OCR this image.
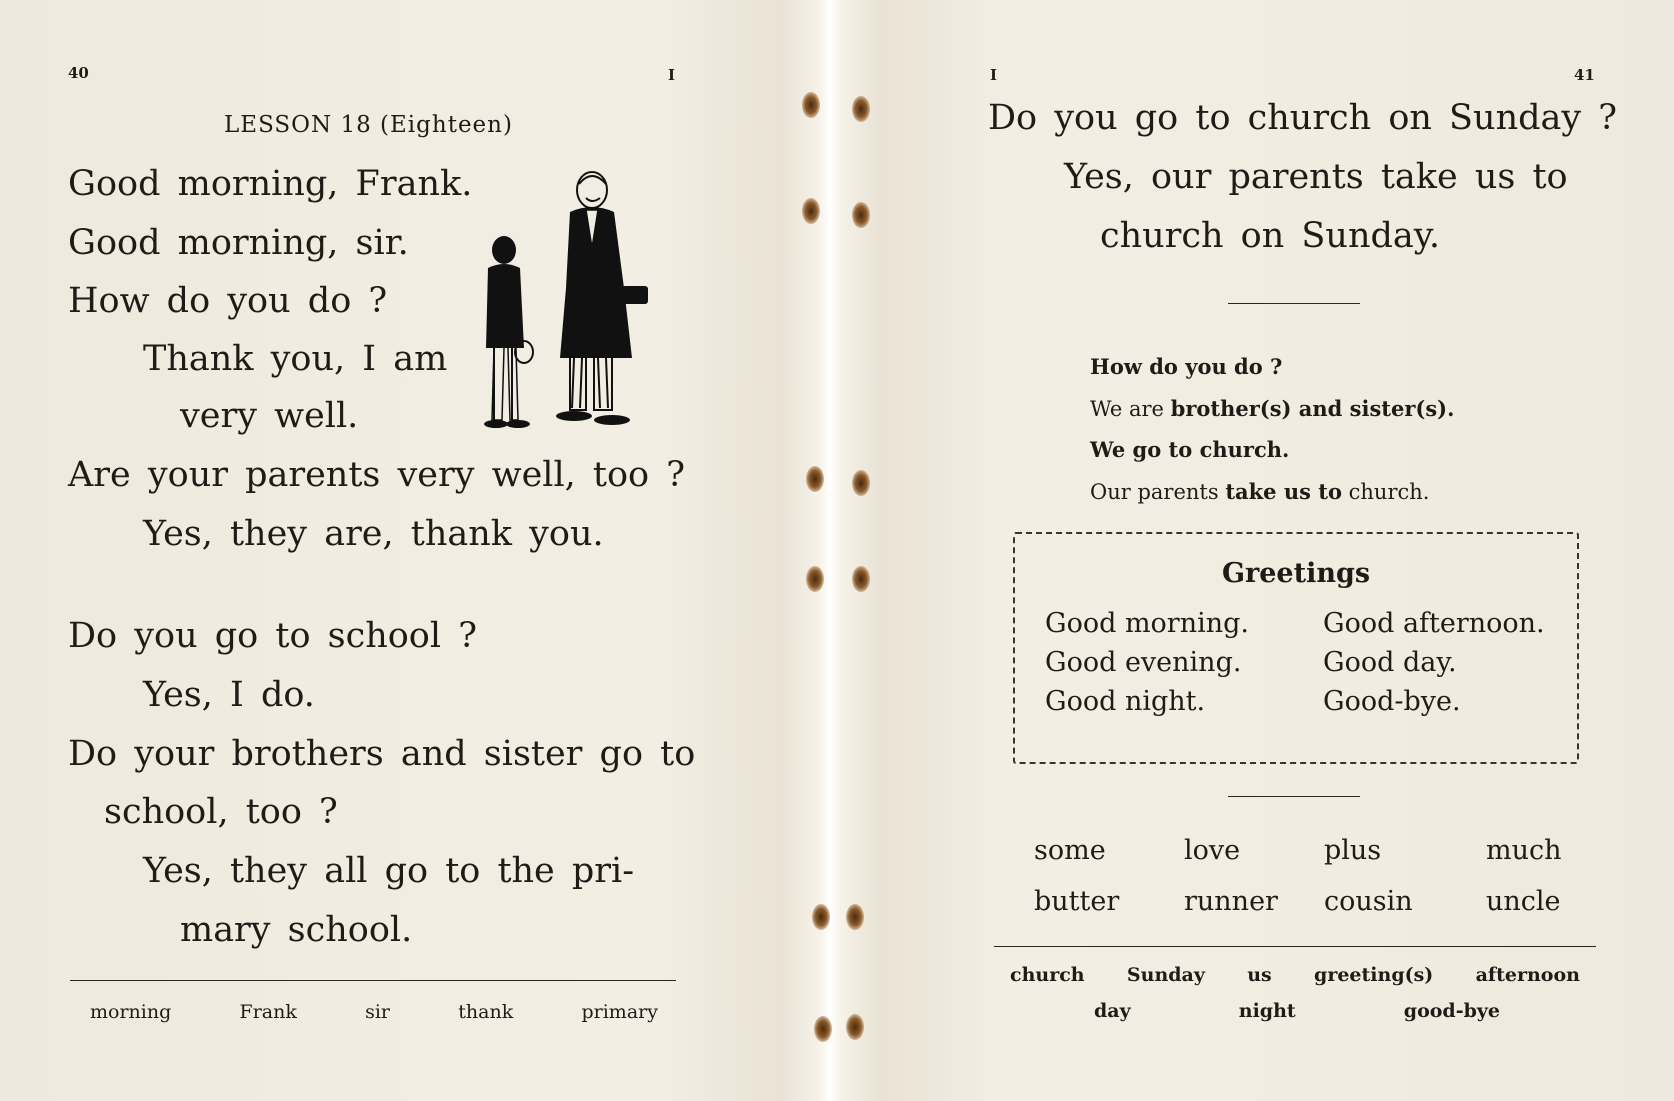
40	I
LESSON 18 (Eighteen)
Good morning, Frank.
Good morning, sir.
How do you do ?
Thank you, I am
very well.
Are your parents very well, too ?
Yes, they are, thank you.
Do you go to school ?
Yes, I do.
Do your brothers and sister go to
school, too ?
Yes, they all go to the pri-
mary school.
morning	Frank	sir	thank	primary
I	41
Do you go to church on Sunday ?
Yes, our parents take us to
church on Sunday.
How do you do ?
We are brother(s) and sister(s).
We go to church.
Our parents take us to church.
Greetings
Good morning.	Good afternoon.
Good evening.	Good day.
Good night.	Good-bye.
some	love	plus	much
butter	runner	cousin	uncle
church Sunday us greeting(s) afternoon
day	night	good-bye
